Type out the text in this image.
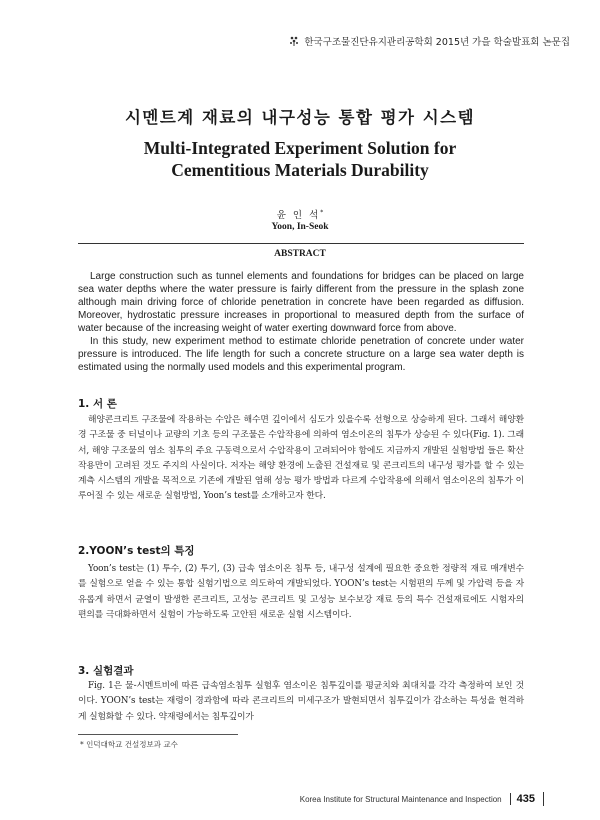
한국구조물진단유지관리공학회 2015년 가을 학술발표회 논문집
시멘트계 재료의 내구성능 통합 평가 시스템
Multi-Integrated Experiment Solution for Cementitious Materials Durability
윤 인 석*
Yoon, In-Seok
ABSTRACT

Large construction such as tunnel elements and foundations for bridges can be placed on large sea water depths where the water pressure is fairly different from the pressure in the splash zone although main driving force of chloride penetration in concrete have been regarded as diffusion. Moreover, hydrostatic pressure increases in proportional to measured depth from the surface of water because of the increasing weight of water exerting downward force from above.

In this study, new experiment method to estimate chloride penetration of concrete under water pressure is introduced. The life length for such a concrete structure on a large sea water depth is estimated using the normally used models and this experimental program.

1. 서 론

해양콘크리트 구조물에 작용하는 수압은 해수면 깊이에서 심도가 있을수록 선형으로 상승하게 된다. 그래서 해양환경 구조물 중 터널이나 교량의 기초 등의 구조물은 수압작용에 의하여 염소이온의 침투가 상승된 수 있다(Fig. 1). 그래서, 해양 구조물의 염소 침투의 주요 구동력으로서 수압작용이 고려되어야 함에도 지금까지 개발된 실험방법 들은 확산작용만이 고려된 것도 주지의 사실이다. 저자는 해양 환경에 노출된 건설재료 및 콘크리트의 내구성 평가를 할 수 있는 계측 시스템의 개발을 목적으로 기존에 개발된 염해 성능 평가 방법과 다르게 수압작용에 의해서 염소이온의 침투가 이루어질 수 있는 새로운 실험방법, Yoon’s test를 소개하고자 한다.

2.YOON’s test의 특징

Yoon’s test는 (1) 투수, (2) 투기, (3) 급속 염소이온 침투 등, 내구성 설계에 필요한 중요한 정량적 재료 매개변수를 실험으로 얻을 수 있는 통합 실험기법으로 의도하여 개발되었다. YOON’s test는 시험편의 두께 및 가압력 등을 자유롭게 하면서 균열이 발생한 콘크리트, 고성능 콘크리트 및 고성능 보수보강 재료 등의 특수 건설재료에도 시험자의 편의를 극대화하면서 실험이 가능하도록 고안된 새로운 실험 시스템이다.

3. 실험결과

Fig. 1은 물-시멘트비에 따른 급속염소침투 실험후 염소이온 침투깊이를 평균치와 최대치를 각각 측정하여 보인 것이다. YOON’s test는 재령이 경과함에 따라 콘크리트의 미세구조가 발현되면서 침투깊이가 감소하는 특성을 현격하게 실험화할 수 있다. 약재령에서는 침투깊이가

* 인덕대학교 건설정보과 교수
Korea Institute for Structural Maintenance and Inspection	435
